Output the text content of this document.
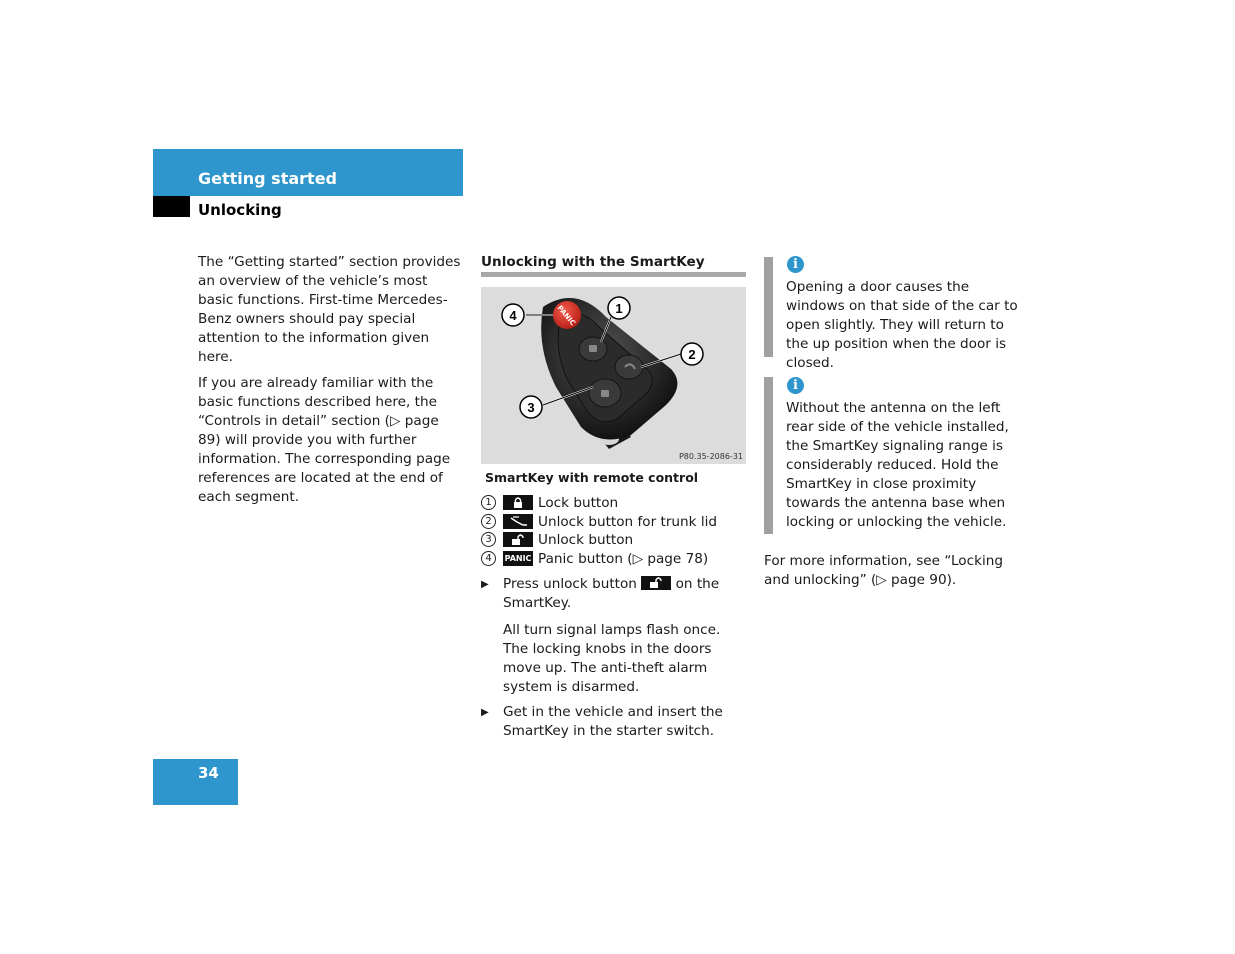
Getting started
Unlocking

The “Getting started” section provides an overview of the vehicle’s most basic functions. First-time Mercedes-Benz owners should pay special attention to the information given here.

If you are already familiar with the basic functions described here, the “Controls in detail” section (▷ page 89) will provide you with further information. The corresponding page references are located at the end of each segment.

Unlocking with the SmartKey
PANIC
4	1
2
3
P80.35-2086-31
SmartKey with remote control
1	Lock button
2	Unlock button for trunk lid
3	Unlock button
4	PANIC Panic button (▷ page 78)
▶	Press unlock button	on the SmartKey.
All turn signal lamps flash once. The locking knobs in the doors move up. The anti-theft alarm system is disarmed.
▶	Get in the vehicle and insert the SmartKey in the starter switch.
i
Opening a door causes the windows on that side of the car to open slightly. They will return to the up position when the door is closed.
i
Without the antenna on the left rear side of the vehicle installed, the SmartKey signaling range is considerably reduced. Hold the SmartKey in close proximity towards the antenna base when locking or unlocking the vehicle.
For more information, see “Locking and unlocking” (▷ page 90).
34
